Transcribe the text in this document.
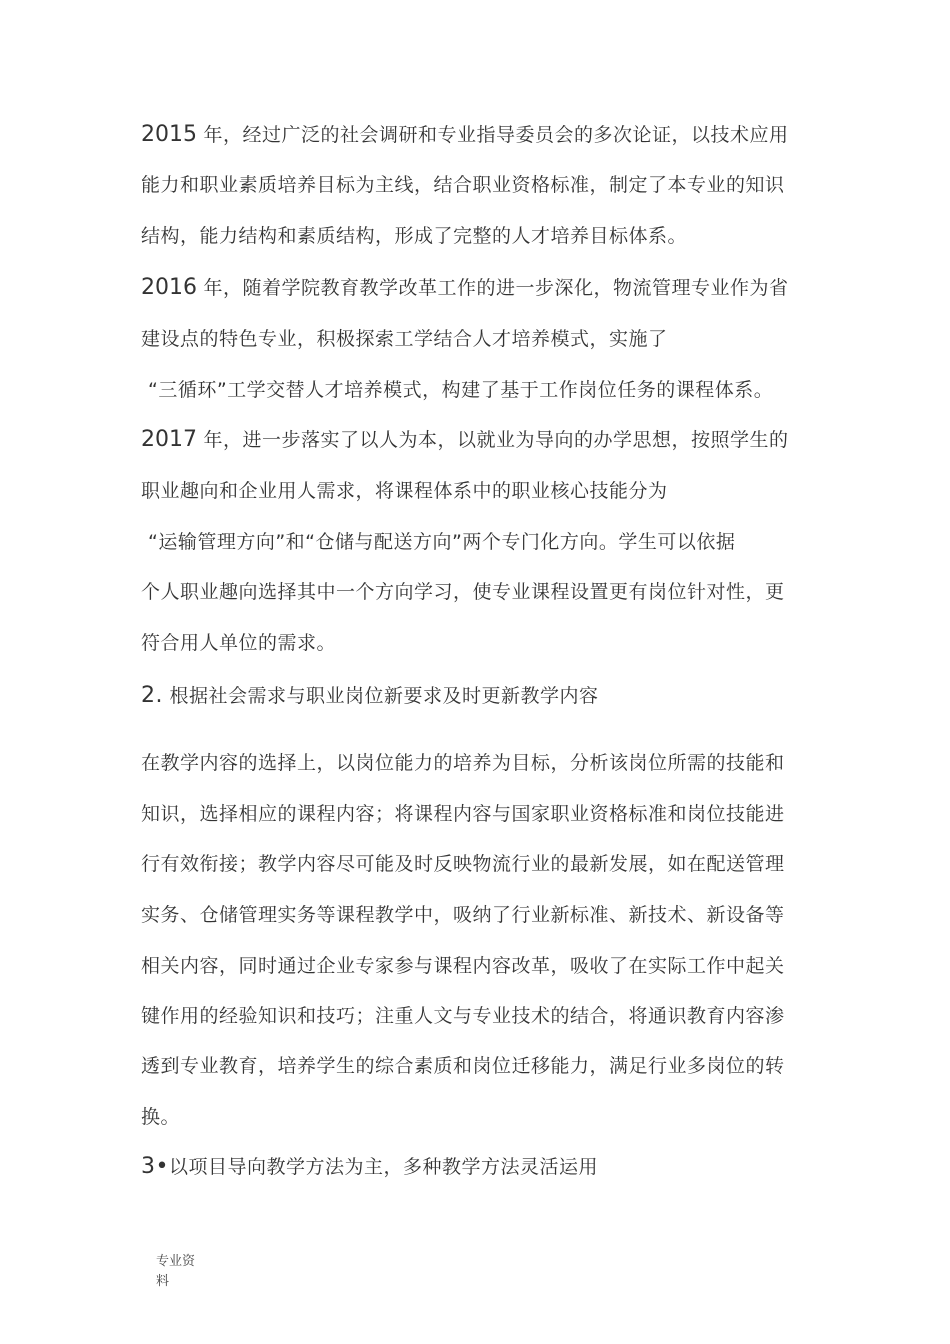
2015 年，经过广泛的社会调研和专业指导委员会的多次论证，以技术应用
能力和职业素质培养目标为主线，结合职业资格标准，制定了本专业的知识
结构，能力结构和素质结构，形成了完整的人才培养目标体系。
2016 年，随着学院教育教学改革工作的进一步深化，物流管理专业作为省
建设点的特色专业，积极探索工学结合人才培养模式，实施了
“三循环”工学交替人才培养模式，构建了基于工作岗位任务的课程体系。
2017 年，进一步落实了以人为本，以就业为导向的办学思想，按照学生的
职业趣向和企业用人需求，将课程体系中的职业核心技能分为
“运输管理方向”和“仓储与配送方向”两个专门化方向。学生可以依据
个人职业趣向选择其中一个方向学习，使专业课程设置更有岗位针对性，更
符合用人单位的需求。
2. 根据社会需求与职业岗位新要求及时更新教学内容
在教学内容的选择上，以岗位能力的培养为目标，分析该岗位所需的技能和
知识，选择相应的课程内容；将课程内容与国家职业资格标准和岗位技能进
行有效衔接；教学内容尽可能及时反映物流行业的最新发展，如在配送管理
实务、仓储管理实务等课程教学中，吸纳了行业新标准、新技术、新设备等
相关内容，同时通过企业专家参与课程内容改革，吸收了在实际工作中起关
键作用的经验知识和技巧；注重人文与专业技术的结合，将通识教育内容渗
透到专业教育，培养学生的综合素质和岗位迁移能力，满足行业多岗位的转
换。
3•以项目导向教学方法为主，多种教学方法灵活运用
专业资
料
